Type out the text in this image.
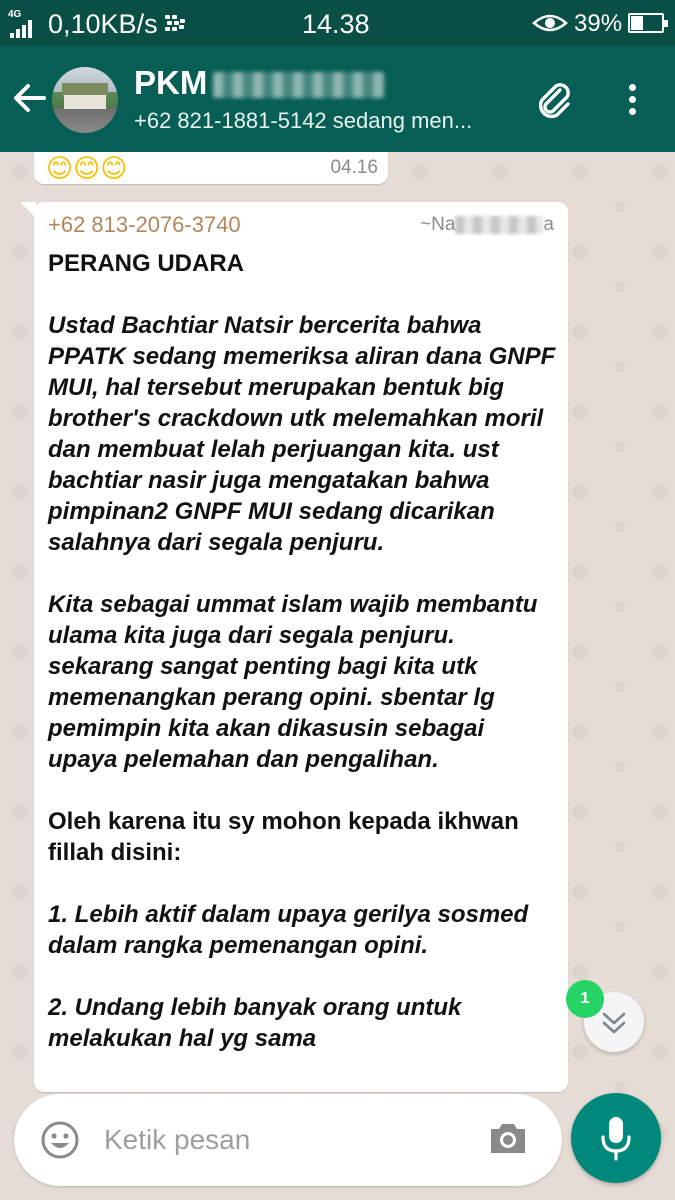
4G 0,10KB/s	14.38	39%
PKM
+62 821-1881-5142 sedang men...
😊😊😊	04.16
+62 813-2076-3740	~Na	a

PERANG UDARA

Ustad Bachtiar Natsir bercerita bahwa PPATK sedang memeriksa aliran dana GNPF MUI, hal tersebut merupakan bentuk big brother's crackdown utk melemahkan moril dan membuat lelah perjuangan kita. ust bachtiar nasir juga mengatakan bahwa pimpinan2 GNPF MUI sedang dicarikan salahnya dari segala penjuru.

Kita sebagai ummat islam wajib membantu ulama kita juga dari segala penjuru. sekarang sangat penting bagi kita utk memenangkan perang opini. sbentar lg pemimpin kita akan dikasusin sebagai upaya pelemahan dan pengalihan.

Oleh karena itu sy mohon kepada ikhwan fillah disini:

1. Lebih aktif dalam upaya gerilya sosmed dalam rangka pemenangan opini.

2. Undang lebih banyak orang untuk melakukan hal yg sama

1
Ketik pesan
